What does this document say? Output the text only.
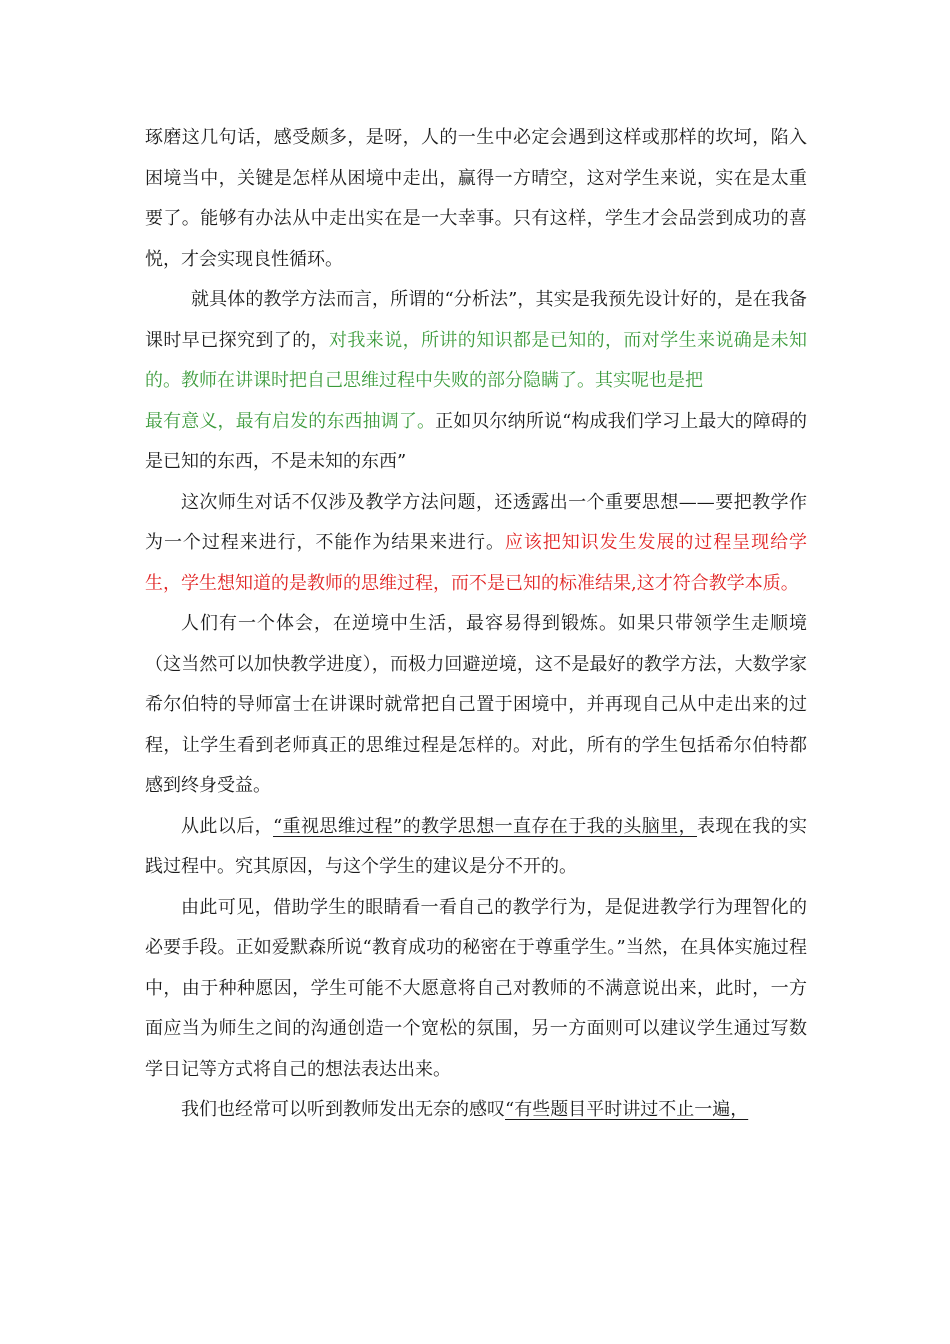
琢磨这几句话，感受颇多，是呀，人的一生中必定会遇到这样或那样的坎坷，陷入困境当中，关键是怎样从困境中走出，赢得一方晴空，这对学生来说，实在是太重要了。能够有办法从中走出实在是一大幸事。只有这样，学生才会品尝到成功的喜悦，才会实现良性循环。

就具体的教学方法而言，所谓的“分析法”，其实是我预先设计好的，是在我备课时早已探究到了的，对我来说，所讲的知识都是已知的，而对学生来说确是未知的。教师在讲课时把自己思维过程中失败的部分隐瞒了。其实呢也是把

最有意义，最有启发的东西抽调了。正如贝尔纳所说“构成我们学习上最大的障碍的是已知的东西，不是未知的东西”

这次师生对话不仅涉及教学方法问题，还透露出一个重要思想——要把教学作为一个过程来进行，不能作为结果来进行。应该把知识发生发展的过程呈现给学生，学生想知道的是教师的思维过程，而不是已知的标准结果,这才符合教学本质。

人们有一个体会，在逆境中生活，最容易得到锻炼。如果只带领学生走顺境（这当然可以加快教学进度），而极力回避逆境，这不是最好的教学方法，大数学家希尔伯特的导师富士在讲课时就常把自己置于困境中，并再现自己从中走出来的过程，让学生看到老师真正的思维过程是怎样的。对此，所有的学生包括希尔伯特都感到终身受益。

从此以后，“重视思维过程”的教学思想一直存在于我的头脑里，表现在我的实践过程中。究其原因，与这个学生的建议是分不开的。

由此可见，借助学生的眼睛看一看自己的教学行为，是促进教学行为理智化的必要手段。正如爱默森所说“教育成功的秘密在于尊重学生。”当然，在具体实施过程中，由于种种愿因，学生可能不大愿意将自己对教师的不满意说出来，此时，一方面应当为师生之间的沟通创造一个宽松的氛围，另一方面则可以建议学生通过写数学日记等方式将自己的想法表达出来。

我们也经常可以听到教师发出无奈的感叹“有些题目平时讲过不止一遍，
